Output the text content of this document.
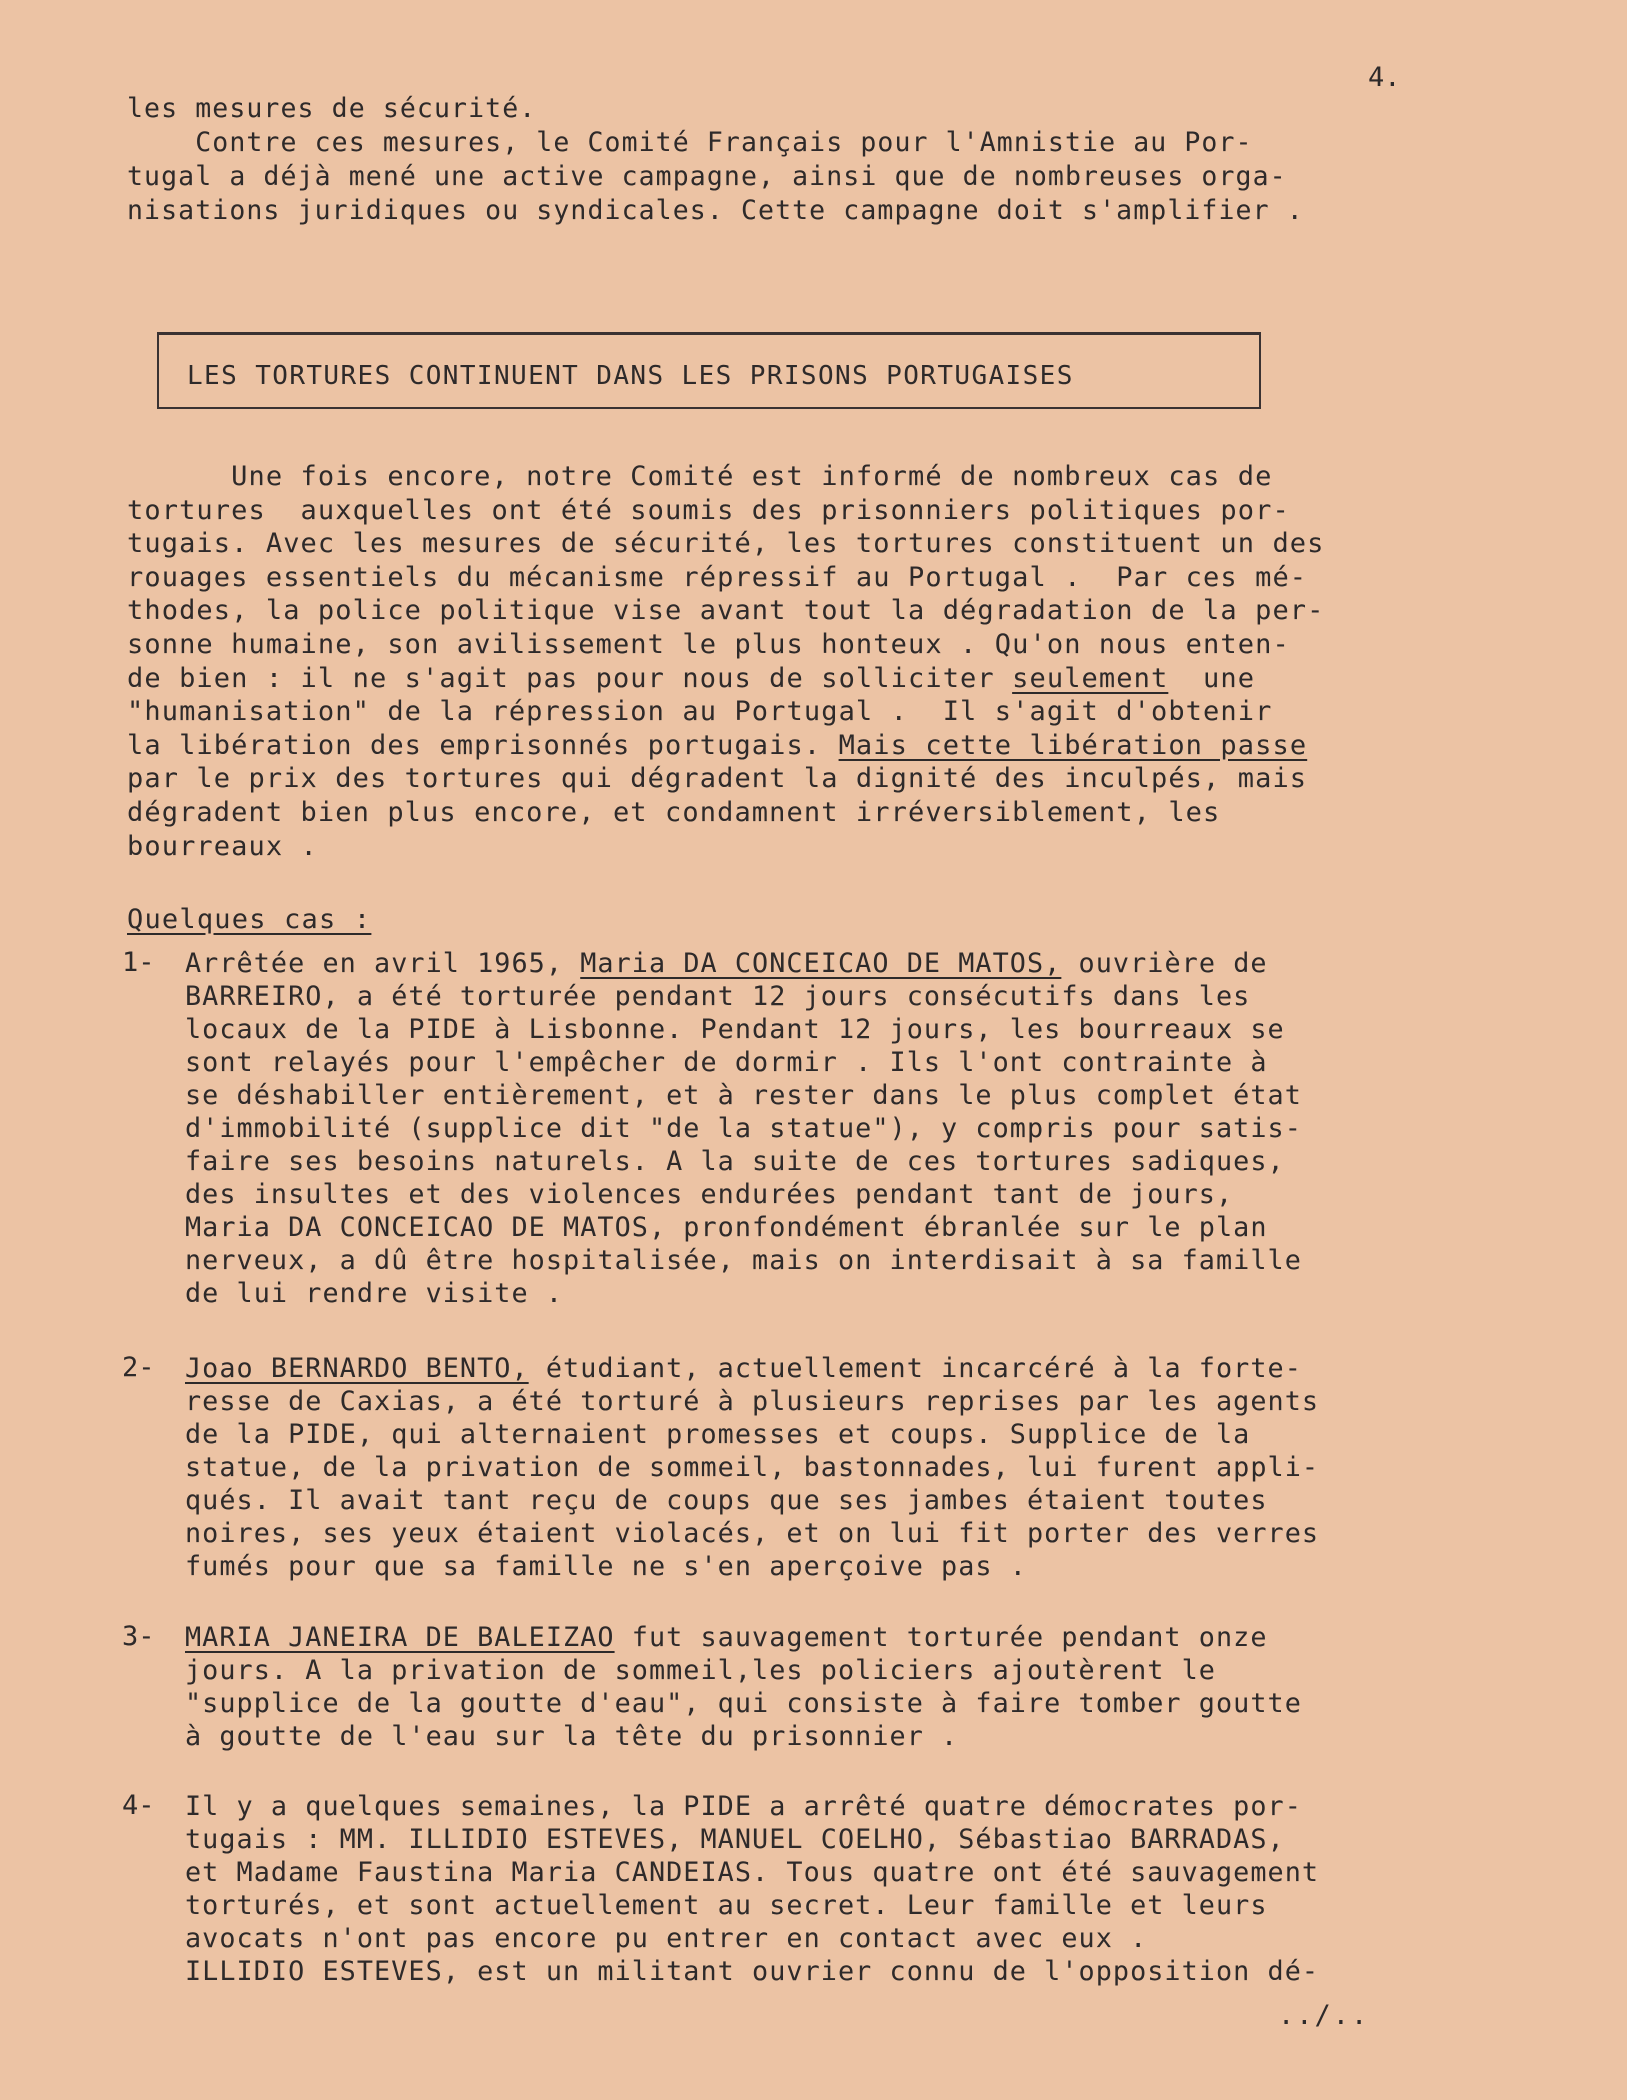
4.
les mesures de sécurité.
Contre ces mesures, le Comité Français pour l'Amnistie au Por-
tugal a déjà mené une active campagne, ainsi que de nombreuses orga-
nisations juridiques ou syndicales. Cette campagne doit s'amplifier .
LES TORTURES CONTINUENT DANS LES PRISONS PORTUGAISES
Une fois encore, notre Comité est informé de nombreux cas de
tortures  auxquelles ont été soumis des prisonniers politiques por-
tugais. Avec les mesures de sécurité, les tortures constituent un des
rouages essentiels du mécanisme répressif au Portugal .  Par ces mé-
thodes, la police politique vise avant tout la dégradation de la per-
sonne humaine, son avilissement le plus honteux . Qu'on nous enten-
de bien : il ne s'agit pas pour nous de solliciter seulement  une
"humanisation" de la répression au Portugal .  Il s'agit d'obtenir
la libération des emprisonnés portugais. Mais cette libération passe
par le prix des tortures qui dégradent la dignité des inculpés, mais
dégradent bien plus encore, et condamnent irréversiblement, les
bourreaux .
Quelques cas :
1- Arrêtée en avril 1965, Maria DA CONCEICAO DE MATOS, ouvrière de
BARREIRO, a été torturée pendant 12 jours consécutifs dans les
locaux de la PIDE à Lisbonne. Pendant 12 jours, les bourreaux se
sont relayés pour l'empêcher de dormir . Ils l'ont contrainte à
se déshabiller entièrement, et à rester dans le plus complet état
d'immobilité (supplice dit "de la statue"), y compris pour satis-
faire ses besoins naturels. A la suite de ces tortures sadiques,
des insultes et des violences endurées pendant tant de jours,
Maria DA CONCEICAO DE MATOS, pronfondément ébranlée sur le plan
nerveux, a dû être hospitalisée, mais on interdisait à sa famille
de lui rendre visite .
2- Joao BERNARDO BENTO, étudiant, actuellement incarcéré à la forte-
resse de Caxias, a été torturé à plusieurs reprises par les agents
de la PIDE, qui alternaient promesses et coups. Supplice de la
statue, de la privation de sommeil, bastonnades, lui furent appli-
qués. Il avait tant reçu de coups que ses jambes étaient toutes
noires, ses yeux étaient violacés, et on lui fit porter des verres
fumés pour que sa famille ne s'en aperçoive pas .
3- MARIA JANEIRA DE BALEIZAO fut sauvagement torturée pendant onze
jours. A la privation de sommeil,les policiers ajoutèrent le
"supplice de la goutte d'eau", qui consiste à faire tomber goutte
à goutte de l'eau sur la tête du prisonnier .
4- Il y a quelques semaines, la PIDE a arrêté quatre démocrates por-
tugais : MM. ILLIDIO ESTEVES, MANUEL COELHO, Sébastiao BARRADAS,
et Madame Faustina Maria CANDEIAS. Tous quatre ont été sauvagement
torturés, et sont actuellement au secret. Leur famille et leurs
avocats n'ont pas encore pu entrer en contact avec eux .
ILLIDIO ESTEVES, est un militant ouvrier connu de l'opposition dé-
../..
